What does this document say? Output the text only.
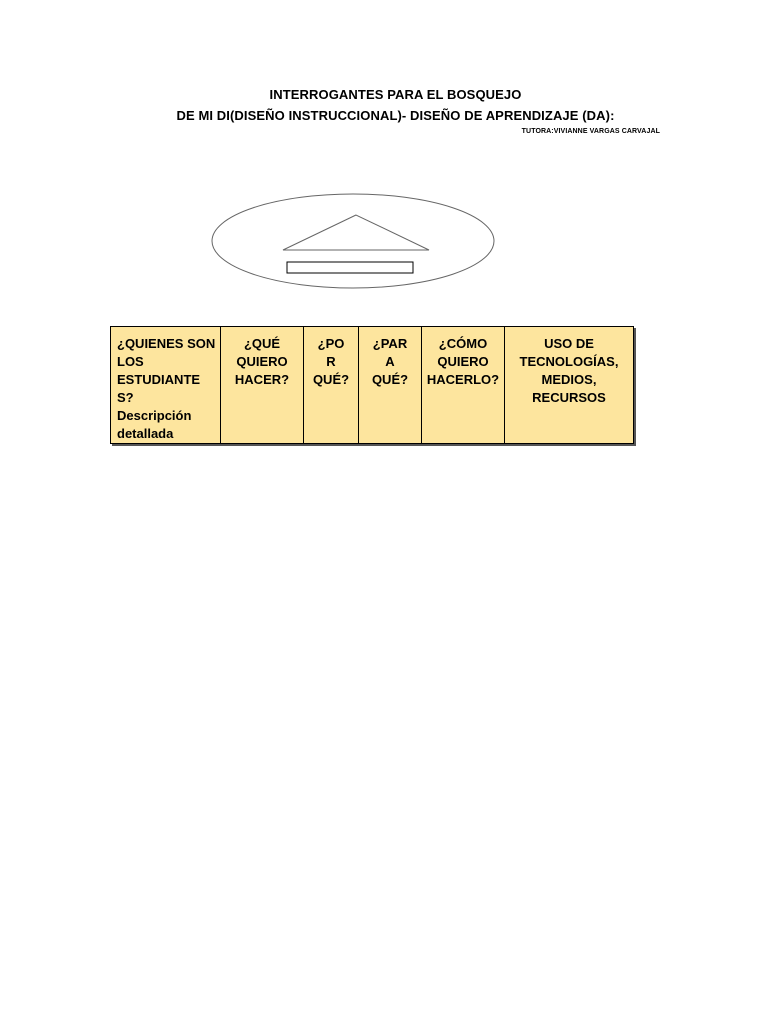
INTERROGANTES PARA EL BOSQUEJO
DE MI DI(DISEÑO INSTRUCCIONAL)- DISEÑO DE APRENDIZAJE (DA):
TUTORA:VIVIANNE VARGAS CARVAJAL
¿QUIENES SON
LOS
ESTUDIANTES?
Descripción
detallada

¿QUÉ
QUIERO
HACER?

¿PO
R
QUÉ?

¿PAR
A
QUÉ?

¿CÓMO
QUIERO
HACERLO?

USO DE
TECNOLOGÍAS,
MEDIOS,
RECURSOS
